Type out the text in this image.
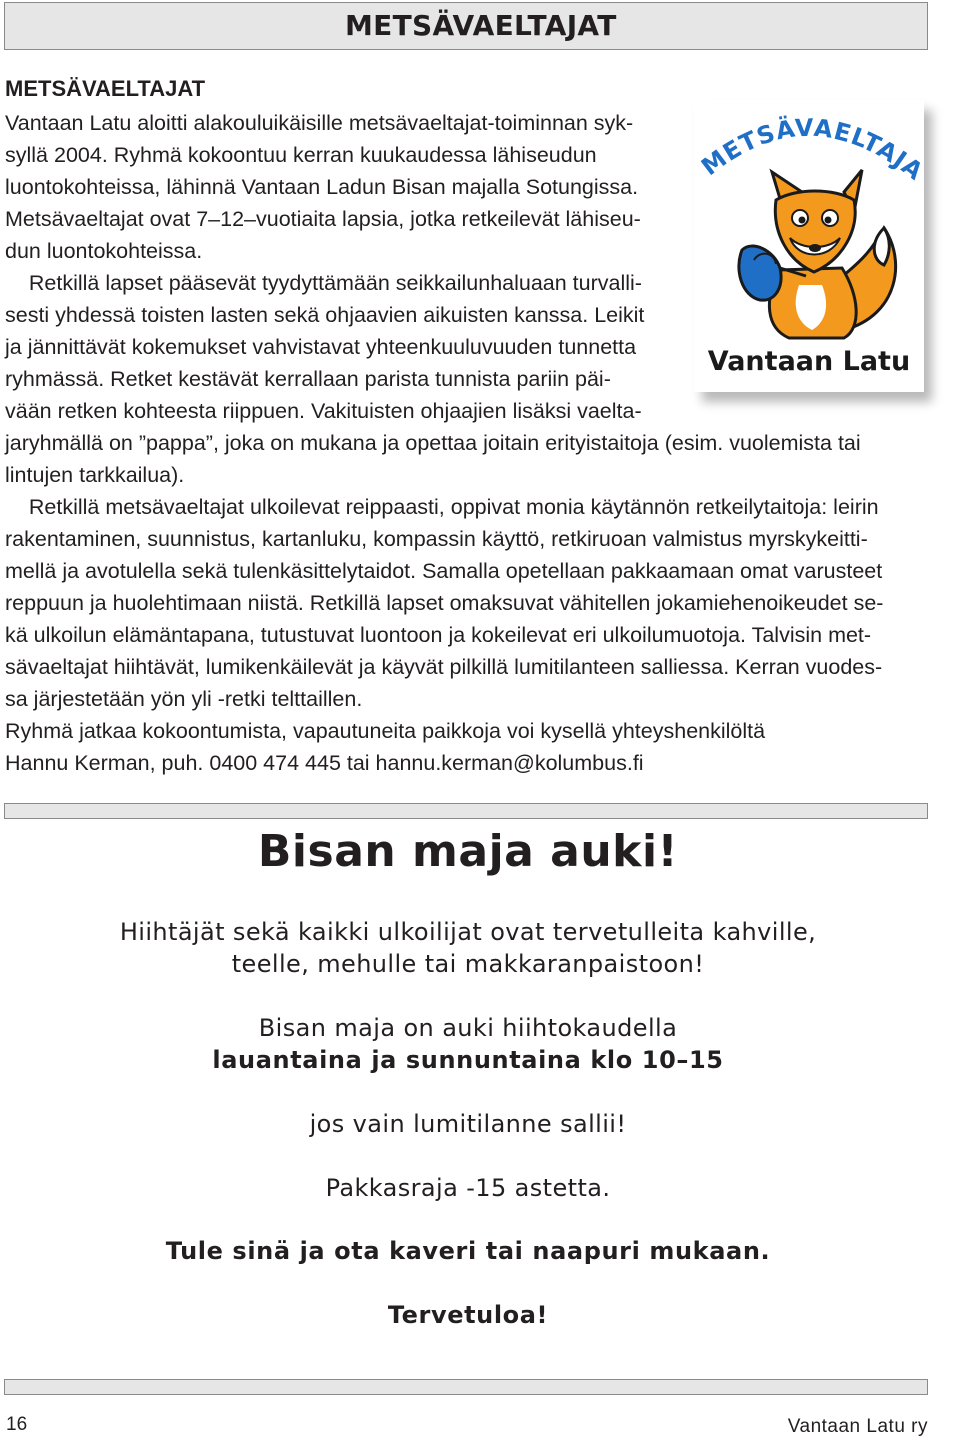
METSÄVAELTAJAT
METSÄVAELTAJAT
Vantaan Latu aloitti alakouluikäisille metsävaeltajat-toiminnan syk-
syllä 2004. Ryhmä kokoontuu kerran kuukaudessa lähiseudun
luontokohteissa, lähinnä Vantaan Ladun Bisan majalla Sotungissa.
Metsävaeltajat ovat 7–12–vuotiaita lapsia, jotka retkeilevät lähiseu-
dun luontokohteissa.
Retkillä lapset pääsevät tyydyttämään seikkailunhaluaan turvalli-
sesti yhdessä toisten lasten sekä ohjaavien aikuisten kanssa. Leikit
ja jännittävät kokemukset vahvistavat yhteenkuuluvuuden tunnetta
ryhmässä. Retket kestävät kerrallaan parista tunnista pariin päi-
vään retken kohteesta riippuen. Vakituisten ohjaajien lisäksi vaelta-
jaryhmällä on ”pappa”, joka on mukana ja opettaa joitain erityistaitoja (esim. vuolemista tai
lintujen tarkkailua).
Retkillä metsävaeltajat ulkoilevat reippaasti, oppivat monia käytännön retkeilytaitoja: leirin
rakentaminen, suunnistus, kartanluku, kompassin käyttö, retkiruoan valmistus myrskykeitti-
mellä ja avotulella sekä tulenkäsittelytaidot. Samalla opetellaan pakkaamaan omat varusteet
reppuun ja huolehtimaan niistä. Retkillä lapset omaksuvat vähitellen jokamiehenoikeudet se-
kä ulkoilun elämäntapana, tutustuvat luontoon ja kokeilevat eri ulkoilumuotoja. Talvisin met-
sävaeltajat hiihtävät, lumikenkäilevät ja käyvät pilkillä lumitilanteen salliessa. Kerran vuodes-
sa järjestetään yön yli -retki telttaillen.
Ryhmä jatkaa kokoontumista, vapautuneita paikkoja voi kysellä yhteyshenkilöltä
Hannu Kerman, puh. 0400 474 445 tai hannu.kerman@kolumbus.fi
METSÄVAELTAJ
Vantaan Latu
Bisan maja auki!
Hiihtäjät sekä kaikki ulkoilijat ovat tervetulleita kahville,
teelle, mehulle tai makkaranpaistoon!
Bisan maja on auki hiihtokaudella
lauantaina ja sunnuntaina klo 10–15
jos vain lumitilanne sallii!
Pakkasraja -15 astetta.
Tule sinä ja ota kaveri tai naapuri mukaan.
Tervetuloa!
16	Vantaan Latu ry
